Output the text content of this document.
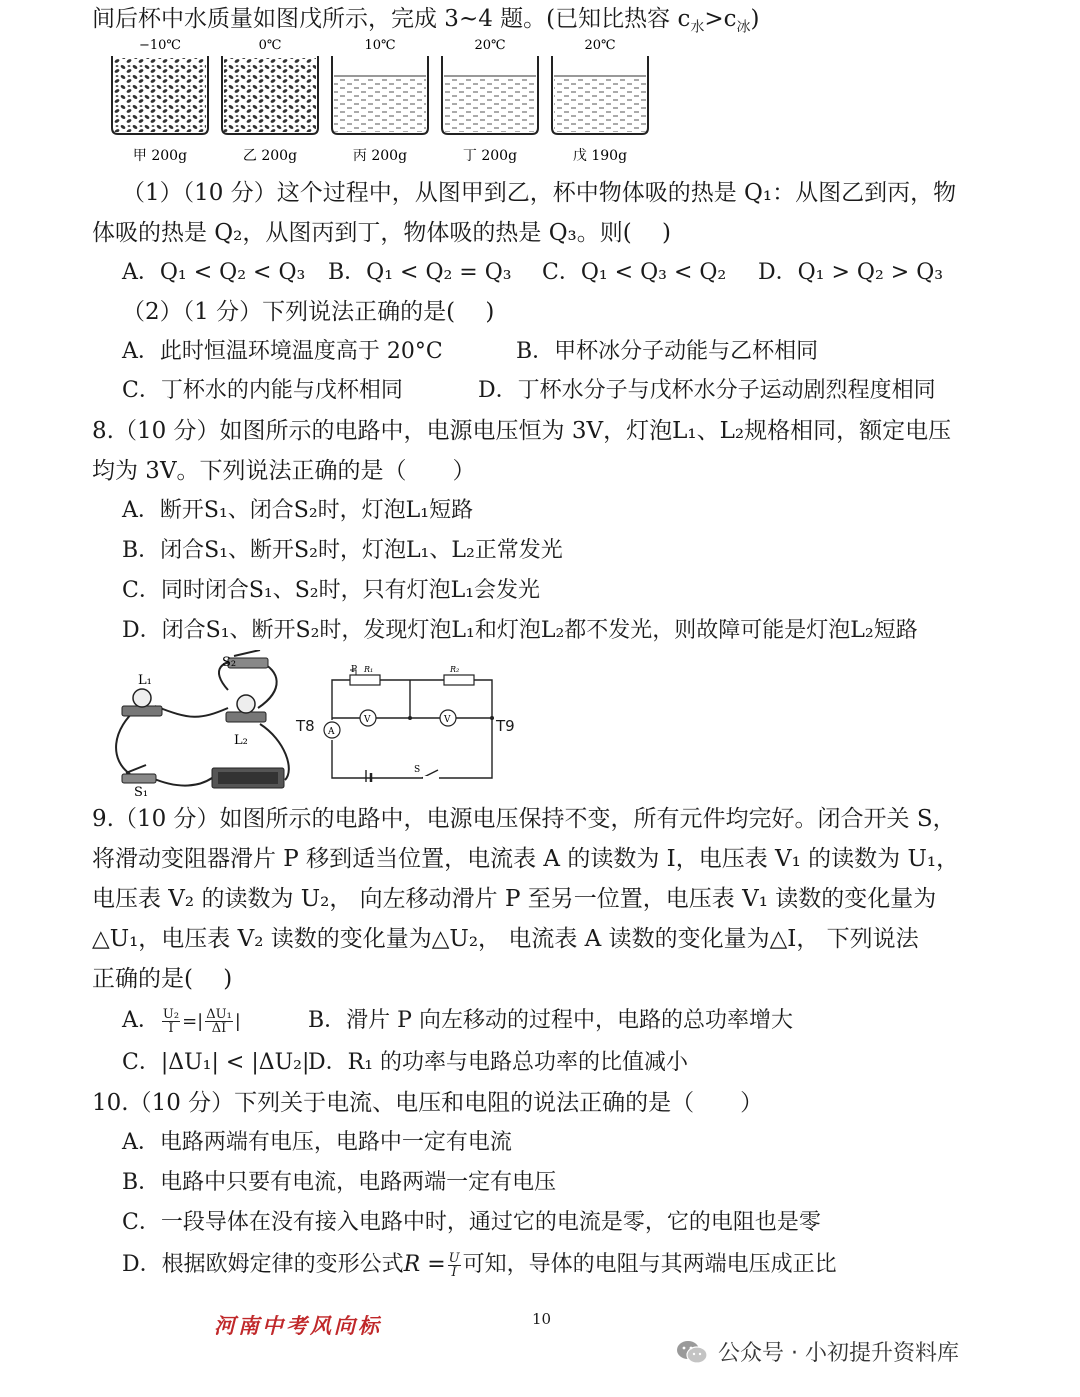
间后杯中水质量如图戊所示，完成 3~4 题。(已知比热容 $c_水>c_冰$)
−10℃
甲 200g
0℃
乙 200g
10℃
丙 200g
20℃
丁 200g
20℃
戊 190g
（1）（10 分）这个过程中，从图甲到乙，杯中物体吸的热是 Q₁：从图乙到丙，物
体吸的热是 Q₂，从图丙到丁，物体吸的热是 Q₃。则(　 )
A．Q₁ < Q₂ < Q₃ B．Q₁ < Q₂ = Q₃ C．Q₁ < Q₃ < Q₂ D．Q₁ > Q₂ > Q₃
（2）（1 分）下列说法正确的是(　 )
A．此时恒温环境温度高于 20°C	B．甲杯冰分子动能与乙杯相同
C．丁杯水的内能与戊杯相同	D．丁杯水分子与戊杯水分子运动剧烈程度相同
8.（10 分）如图所示的电路中，电源电压恒为 3V，灯泡L₁、L₂规格相同，额定电压
均为 3V。下列说法正确的是（　　）
A．断开S₁、闭合S₂时，灯泡L₁短路
B．闭合S₁、断开S₂时，灯泡L₁、L₂正常发光
C．同时闭合S₁、S₂时，只有灯泡L₁会发光
D．闭合S₁、断开S₂时，发现灯泡L₁和灯泡L₂都不发光，则故障可能是灯泡L₂短路
S₂
L₁
L₂
S₁
T8
P R₁	R₂
V	V
A
S
T9
9.（10 分）如图所示的电路中，电源电压保持不变，所有元件均完好。闭合开关 S，
将滑动变阻器滑片 P 移到适当位置，电流表 A 的读数为 I，电压表 V₁ 的读数为 U₁，
电压表 V₂ 的读数为 U₂， 向左移动滑片 P 至另一位置，电压表 V₁ 读数的变化量为
△U₁，电压表 V₂ 读数的变化量为△U₂， 电流表 A 读数的变化量为△I， 下列说法
正确的是(　 )
A． $\frac{\text{U₂}}{I}$ =| $\frac{\text{ΔU₁}}{\Delta I}$ |	B．滑片 P 向左移动的过程中，电路的总功率增大
C．|ΔU₁| < |ΔU₂|
D．R₁ 的功率与电路总功率的比值减小
10.（10 分）下列关于电流、电压和电阻的说法正确的是（　　）
A．电路两端有电压，电路中一定有电流
B．电路中只要有电流，电路两端一定有电压
C．一段导体在没有接入电路中时，通过它的电流是零，它的电阻也是零
D．根据欧姆定律的变形公式$R = \frac{U}{I}$ 可知，导体的电阻与其两端电压成正比
河南中考风向标	10
公众号 · 小初提升资料库
